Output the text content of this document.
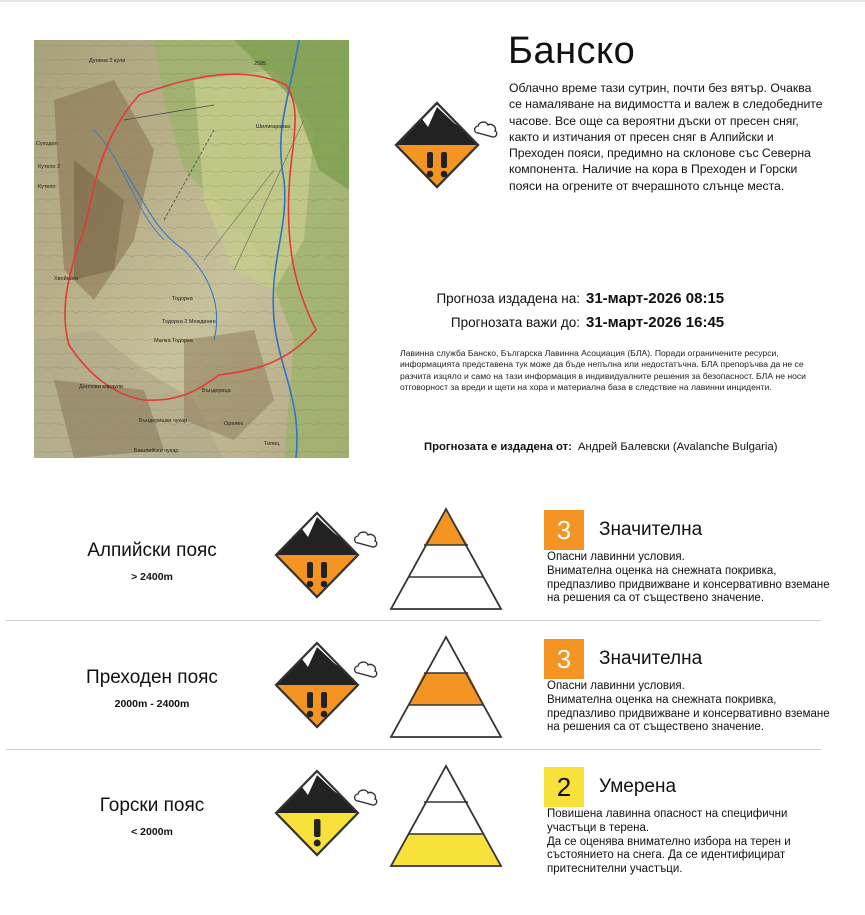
Дунина 2 кули	2585
Шилигарника
Суходол
Кутело 2
Кутело
Хвойнати
Тодорка
Тодорка 2 Междинен
Малка Тодорка
Дончови караули
Бъндерица
Бъндеришки чукар	Орелек
Типиц
Башлийски чукар
Банско
Облачно време тази сутрин, почти без вятър. Очаква се намаляване на видимостта и валеж в следобедните часове. Все още са вероятни дъски от пресен сняг, както и изтичания от пресен сняг в Алпийски и Преходен пояси, предимно на склонове със Северна компонента. Наличие на кора в Преходен и Горски пояси на огрените от вчерашното слънце места.
Прогноза издадена на: 31-март-2026 08:15
Прогнозата важи до: 31-март-2026 16:45
Лавинна служба Банско, Българска Лавинна Асоциация (БЛА). Поради ограничените ресурси, информацията представена тук може да бъде непълна или недостатъчна. БЛА препоръчва да не се разчита изцяло и само на тази информация в индивидуалните решения за безопасност. БЛА не носи отговорност за вреди и щети на хора и материална база в следствие на лавинни инциденти.
Прогнозата е издадена от: Андрей Балевски (Avalanche Bulgaria)
Алпийски пояс
> 2400m
3	Значителна
Опасни лавинни условия.
Внимателна оценка на снежната покривка, предпазливо придвижване и консервативно вземане на решения са от съществено значение.
Преходен пояс
2000m - 2400m
3	Значителна
Опасни лавинни условия.
Внимателна оценка на снежната покривка, предпазливо придвижване и консервативно вземане на решения са от съществено значение.
Горски пояс
< 2000m
2	Умерена
Повишена лавинна опасност на специфични участъци в терена.
Да се оценява внимателно избора на терен и състоянието на снега. Да се идентифицират притеснителни участъци.
